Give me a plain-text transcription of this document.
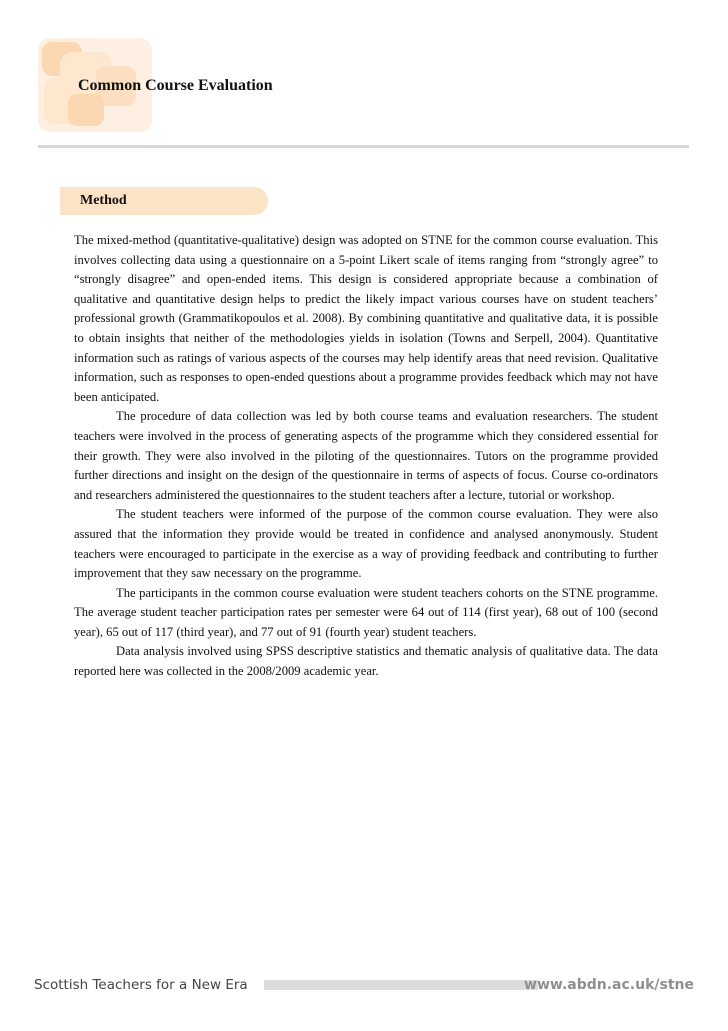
Common Course Evaluation
Method

The mixed-method (quantitative-qualitative) design was adopted on STNE for the common course evaluation. This involves collecting data using a questionnaire on a 5-point Likert scale of items ranging from “strongly agree” to “strongly disagree” and open-ended items. This design is considered appropriate because a combination of qualitative and quantitative design helps to predict the likely impact various courses have on student teachers’ professional growth (Grammatikopoulos et al. 2008). By combining quantitative and qualitative data, it is possible to obtain insights that neither of the methodologies yields in isolation (Towns and Serpell, 2004). Quantitative information such as ratings of various aspects of the courses may help identify areas that need revision. Qualitative information, such as responses to open-ended questions about a programme provides feedback which may not have been anticipated.

The procedure of data collection was led by both course teams and evaluation researchers. The student teachers were involved in the process of generating aspects of the programme which they considered essential for their growth. They were also involved in the piloting of the questionnaires. Tutors on the programme provided further directions and insight on the design of the questionnaire in terms of aspects of focus. Course co-ordinators and researchers administered the questionnaires to the student teachers after a lecture, tutorial or workshop.

The student teachers were informed of the purpose of the common course evaluation. They were also assured that the information they provide would be treated in confidence and analysed anonymously. Student teachers were encouraged to participate in the exercise as a way of providing feedback and contributing to further improvement that they saw necessary on the programme.

The participants in the common course evaluation were student teachers cohorts on the STNE programme. The average student teacher participation rates per semester were 64 out of 114 (first year), 68 out of 100 (second year), 65 out of 117 (third year), and 77 out of 91 (fourth year) student teachers.

Data analysis involved using SPSS descriptive statistics and thematic analysis of qualitative data. The data reported here was collected in the 2008/2009 academic year.

Scottish Teachers for a New Era	www.abdn.ac.uk/stne
